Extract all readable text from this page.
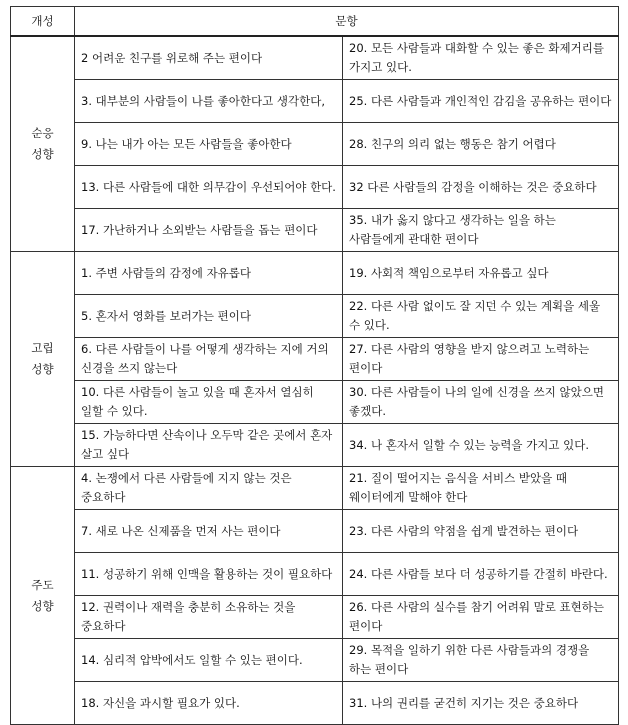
개성	문항	

순응
성향	2 어려운 친구를 위로해 주는 편이다	20. 모든 사람들과 대화할 수 있는 좋은 화제거리를 가지고 있다.
	3. 대부분의 사람들이 나를 좋아한다고 생각한다,	25. 다른 사람들과 개인적인 감김을 공유하는 편이다
	9. 나는 내가 아는 모든 사람들을 좋아한다	28. 친구의 의리 없는 행동은 참기 어렵다
	13. 다른 사람들에 대한 의무감이 우선되어야 한다.	32 다른 사람들의 감정을 이해하는 것은 중요하다
	17. 가난하거나 소외받는 사람들을 돕는 편이다	35. 내가 옳지 않다고 생각하는 일을 하는 사람들에게 관대한 편이다

고립
성향	1. 주변 사람들의 감정에 자유롭다	19. 사회적 책임으로부터 자유롭고 싶다
	5. 혼자서 영화를 보러가는 편이다	22. 다른 사람 없이도 잘 지던 수 있는 계획을 세울 수 있다.
	6. 다른 사람들이 나를 어떻게 생각하는 지에 거의 신경을 쓰지 않는다	27. 다른 사람의 영향을 받지 않으려고 노력하는 편이다
	10. 다른 사람들이 놀고 있을 때 혼자서 열심히 일할 수 있다.	30. 다른 사람들이 나의 일에 신경을 쓰지 않았으면 좋겠다.
	15. 가능하다면 산속이나 오두막 같은 곳에서 혼자 살고 싶다	34. 나 혼자서 일할 수 있는 능력을 가지고 있다.

주도
성향	4. 논쟁에서 다른 사람들에 지지 않는 것은 중요하다	21. 질이 떨어지는 음식을 서비스 받았을 때 웨이터에게 말해야 한다
	7. 새로 나온 신제품을 먼저 사는 편이다	23. 다른 사람의 약점을 쉽게 발견하는 편이다
	11. 성공하기 위해 인맥을 활용하는 것이 필요하다	24. 다른 사람들 보다 더 성공하기를 간절히 바란다.
	12. 권력이나 재력을 충분히 소유하는 것을 중요하다	26. 다른 사람의 실수를 참기 어려워 말로 표현하는 편이다
	14. 심리적 압박에서도 일할 수 있는 편이다.	29. 목적을 일하기 위한 다른 사람들과의 경쟁을 하는 편이다
	18. 자신을 과시할 필요가 있다.	31. 나의 권리를 굳건히 지기는 것은 중요하다
